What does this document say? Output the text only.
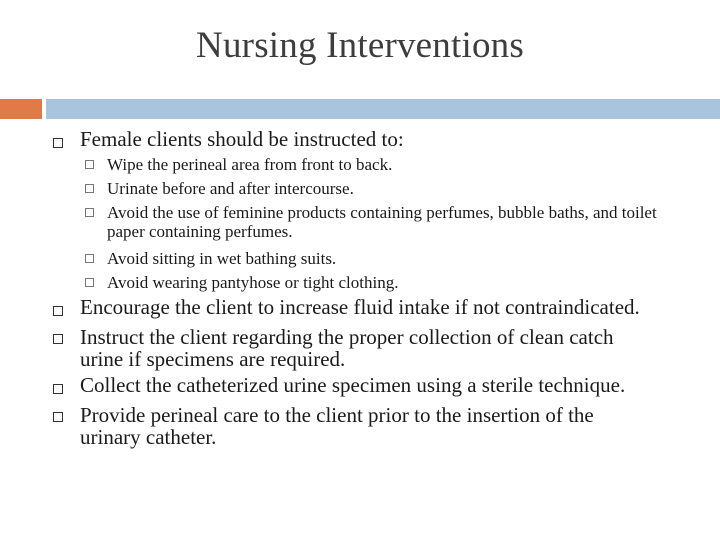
Nursing Interventions
Female clients should be instructed to:
Wipe the perineal area from front to back.
Urinate before and after intercourse.
Avoid the use of feminine products containing perfumes, bubble baths, and toilet paper containing perfumes.
Avoid sitting in wet bathing suits.
Avoid wearing pantyhose or tight clothing.
Encourage the client to increase fluid intake if not contraindicated.
Instruct the client regarding the proper collection of clean catch urine if specimens are required.
Collect the catheterized urine specimen using a sterile technique.
Provide perineal care to the client prior to the insertion of the urinary catheter.
